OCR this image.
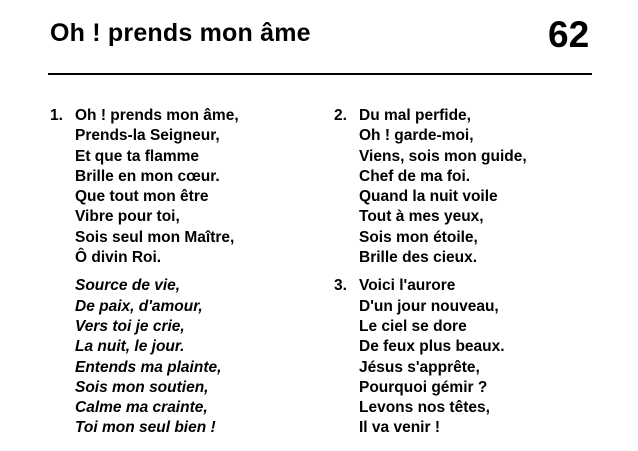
Oh ! prends mon âme	62
1. Oh ! prends mon âme,
Prends-la Seigneur,
Et que ta flamme
Brille en mon cœur.
Que tout mon être
Vibre pour toi,
Sois seul mon Maître,
Ô divin Roi.
Source de vie,
De paix, d'amour,
Vers toi je crie,
La nuit, le jour.
Entends ma plainte,
Sois mon soutien,
Calme ma crainte,
Toi mon seul bien !
2. Du mal perfide,
Oh ! garde-moi,
Viens, sois mon guide,
Chef de ma foi.
Quand la nuit voile
Tout à mes yeux,
Sois mon étoile,
Brille des cieux.
3. Voici l'aurore
D'un jour nouveau,
Le ciel se dore
De feux plus beaux.
Jésus s'apprête,
Pourquoi gémir ?
Levons nos têtes,
Il va venir !
